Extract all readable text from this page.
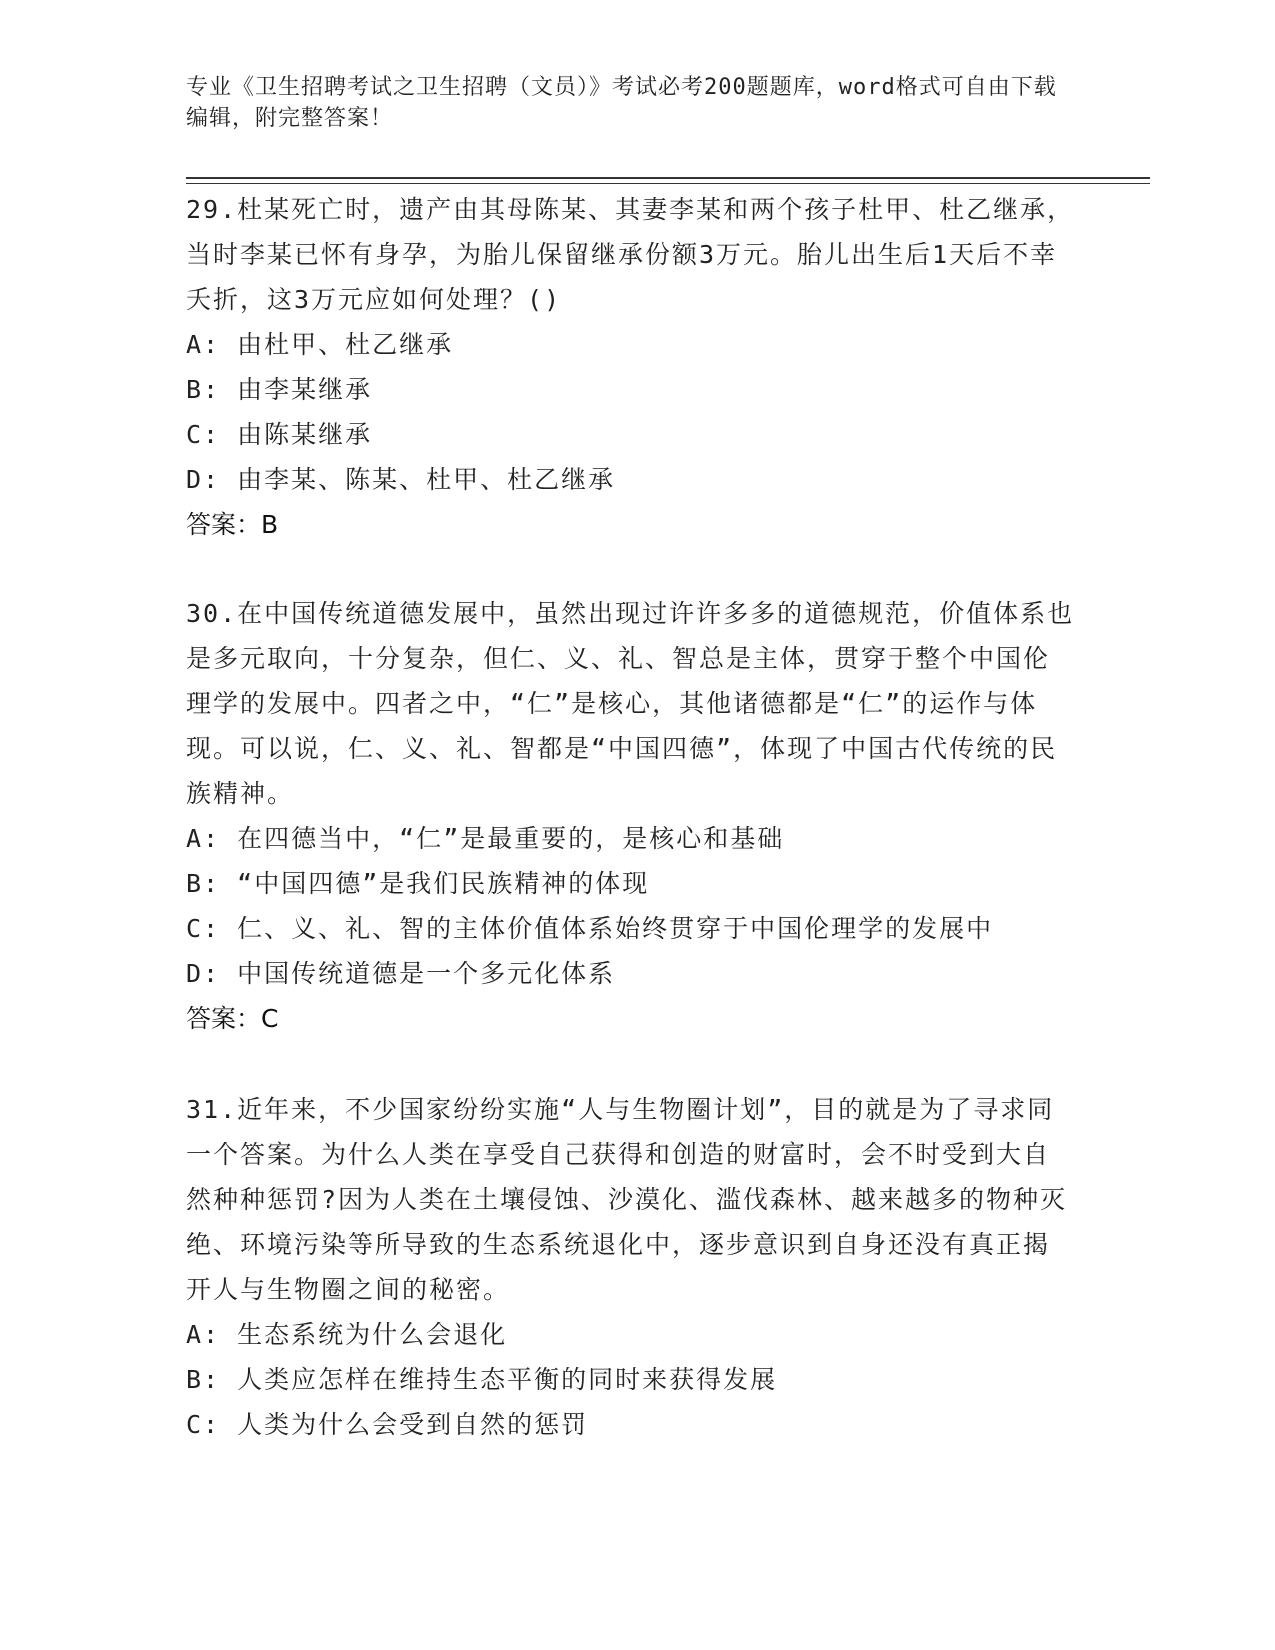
专业《卫生招聘考试之卫生招聘（文员）》考试必考200题题库，word格式可自由下载编辑，附完整答案！

29.杜某死亡时，遗产由其母陈某、其妻李某和两个孩子杜甲、杜乙继承，当时李某已怀有身孕，为胎儿保留继承份额3万元。胎儿出生后1天后不幸夭折，这3万元应如何处理？()

A: 由杜甲、杜乙继承

B: 由李某继承

C: 由陈某继承

D: 由李某、陈某、杜甲、杜乙继承

答案：B

30.在中国传统道德发展中，虽然出现过许许多多的道德规范，价值体系也是多元取向，十分复杂，但仁、义、礼、智总是主体，贯穿于整个中国伦理学的发展中。四者之中，“仁”是核心，其他诸德都是“仁”的运作与体现。可以说，仁、义、礼、智都是“中国四德”，体现了中国古代传统的民族精神。

A: 在四德当中，“仁”是最重要的，是核心和基础

B: “中国四德”是我们民族精神的体现

C: 仁、义、礼、智的主体价值体系始终贯穿于中国伦理学的发展中

D: 中国传统道德是一个多元化体系

答案：C

31.近年来，不少国家纷纷实施“人与生物圈计划”，目的就是为了寻求同一个答案。为什么人类在享受自己获得和创造的财富时，会不时受到大自然种种惩罚?因为人类在土壤侵蚀、沙漠化、滥伐森林、越来越多的物种灭绝、环境污染等所导致的生态系统退化中，逐步意识到自身还没有真正揭开人与生物圈之间的秘密。

A: 生态系统为什么会退化

B: 人类应怎样在维持生态平衡的同时来获得发展

C: 人类为什么会受到自然的惩罚
